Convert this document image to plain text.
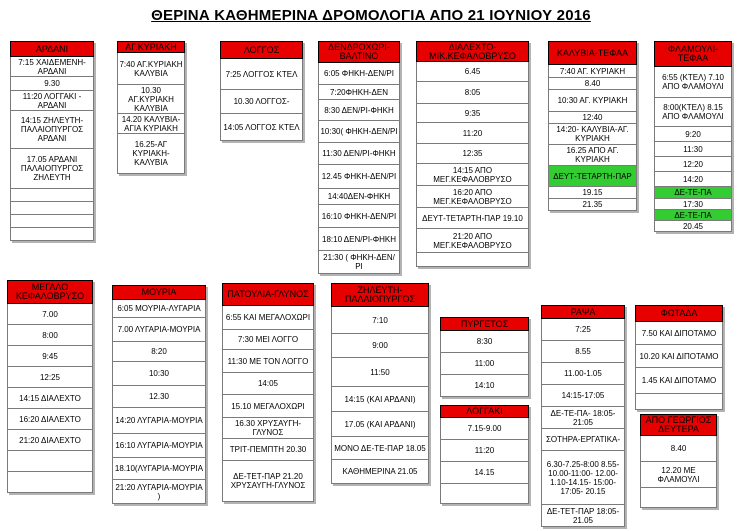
ΘΕΡΙΝΑ ΚΑΘΗΜΕΡΙΝΑ ΔΡΟΜΟΛΟΓΙΑ ΑΠΟ 21 ΙΟΥΝΙΟΥ 2016
ΑΡΔΑΝΙ
7:15 ΧΑΙΔΕΜΕΝΗ-ΑΡΔΑΝΙ
9.30
11:20 ΛΟΓΓΑΚΙ - ΑΡΔΑΝΙ
14:15 ΖΗΛΕΥΤΗ-ΠΑΛΑΙΟΠΥΡΓΟΣ ΑΡΔΑΝΙ
17.05 ΑΡΔΑΝΙ ΠΑΛΑΙΟΠΥΡΓΟΣ ΖΗΛΕΥΤΗ

ΑΓ.ΚΥΡΙΑΚΗ
7:40 ΑΓ.ΚΥΡΙΑΚΗ ΚΑΛΥΒΙΑ
10.30 ΑΓ.ΚΥΡΙΑΚΗ ΚΑΛΥΒΙΑ
14.20 ΚΑΛΥΒΙΑ-ΑΓΙΑ ΚΥΡΙΑΚΗ
16.25-ΑΓ ΚΥΡΙΑΚΗ-ΚΑΛΥΒΙΑ
ΛΟΓΓΟΣ
7:25 ΛΟΓΓΟΣ ΚΤΕΛ
10.30 ΛΟΓΓΟΣ-
14:05 ΛΟΓΓΟΣ ΚΤΕΛ
ΔΕΝΔΡΟΧΩΡΙ-ΒΑΛΤΙΝΟ
6:05 ΦΗΚΗ-ΔΕΝ/ΡΙ
7:20ΦΗΚΗ-ΔΕΝ
8:30 ΔΕΝ/ΡΙ-ΦΗΚΗ
10:30( ΦΗΚΗ-ΔΕΝ/ΡΙ
11:30 ΔΕΝ/ΡΙ-ΦΗΚΗ
12.45 ΦΗΚΗ-ΔΕΝ/ΡΙ
14:40ΔΕΝ-ΦΗΚΗ
16:10 ΦΗΚΗ-ΔΕΝ/ΡΙ
18:10 ΔΕΝ/ΡΙ-ΦΗΚΗ
21:30 ( ΦΗΚΗ-ΔΕΝ/ΡΙ
ΔΙΑΛΕΧΤΟ-ΜΙΚ.ΚΕΦΑΛΟΒΡΥΣΟ
6.45
8:05
9:35
11:20
12:35
14:15 ΑΠΟ ΜΕΓ.ΚΕΦΑΛΟΒΡΥΣΟ
16:20 ΑΠΟ ΜΕΓ.ΚΕΦΑΛΟΒΡΥΣΟ
ΔΕΥΤ-ΤΕΤΑΡΤΗ-ΠΑΡ 19.10
21:20 ΑΠΟ ΜΕΓ.ΚΕΦΑΛΟΒΡΥΣΟ

ΚΑΛΥΒΙΑ-ΤΕΦΑΑ
7:40 ΑΓ. ΚΥΡΙΑΚΗ
8.40
10:30 ΑΓ. ΚΥΡΙΑΚΗ
12:40
14:20- ΚΑΛΥΒΙΑ-ΑΓ. ΚΥΡΙΑΚΗ
16.25 ΑΠΟ ΑΓ. ΚΥΡΙΑΚΗ
ΔΕΥΤ-ΤΕΤΑΡΤΗ-ΠΑΡ
19.15
21.35
ΦΛΑΜΟΥΛΙ-ΤΕΦΑΑ
6:55 (ΚΤΕΛ) 7.10 ΑΠΟ ΦΛΑΜΟΥΛΙ
8:00(ΚΤΕΛ) 8.15 ΑΠΟ ΦΛΑΜΟΥΛΙ
9:20
11:30
12:20
14:20
ΔΕ-ΤΕ-ΠΑ
17:30
ΔΕ-ΤΕ-ΠΑ
20.45
ΜΕΓΑΛΟ ΚΕΦΑΛΟΒΡΥΣΟ
7.00
8:00
9:45
12:25
14:15 ΔΙΑΛΕΧΤΟ
16:20 ΔΙΑΛΕΧΤΟ
21:20 ΔΙΑΛΕΧΤΟ

ΜΟΥΡΙΑ
6:05 ΜΟΥΡΙΑ-ΛΥΓΑΡΙΑ
7.00 ΛΥΓΑΡΙΑ-ΜΟΥΡΙΑ
8:20
10:30
12.30
14:20 ΛΥΓΑΡΙΑ-ΜΟΥΡΙΑ
16:10 ΛΥΓΑΡΙΑ-ΜΟΥΡΙΑ
18.10(ΛΥΓΑΡΙΑ-ΜΟΥΡΙΑ
21:20 ΛΥΓΑΡΙΑ-ΜΟΥΡΙΑ )
ΠΑΤΟΥΛΙΑ-ΓΛΥΝΟΣ
6:55 ΚΑΙ ΜΕΓΑΛΟΧΩΡΙ
7:30 ΜΕΙ ΛΟΓΓΟ
11:30 ΜΕ ΤΟΝ ΛΟΓΓΟ
14:05
15.10 ΜΕΓΑΛΟΧΩΡΙ
16.30 ΧΡΥΣΑΥΓΗ-ΓΛΥΝΟΣ
ΤΡΙΤ-ΠΕΜΠΤΗ 20.30
ΔΕ-ΤΕΤ-ΠΑΡ 21.20 ΧΡΥΣΑΥΓΗ-ΓΛΥΝΟΣ
ΖΗΛΕΥΤΗ-ΠΑΛΑΙΟΠΥΡΓΟΣ
7:10
9:00
11:50
14:15 (ΚΑΙ ΑΡΔΑΝΙ)
17.05 (ΚΑΙ ΑΡΔΑΝΙ)
ΜΟΝΟ ΔΕ-ΤΕ-ΠΑΡ 18.05
ΚΑΘΗΜΕΡΙΝΑ 21.05
ΠΥΡΓΕΤΟΣ
8:30
11:00
14:10
ΛΟΓΓΑΚΙ
7.15-9.00
11:20
14.15

ΡΑΨΑ
7:25
8.55
11.00-1.05
14:15-17:05
ΔΕ-ΤΕ-ΠΑ- 18:05-21:05
ΣΟΤΗΡΑ-ΕΡΓΑΤΙΚΑ-
6.30-7.25-8:00 8.55-10.00-11:00- 12.00-1.10-14.15- 15:00-17:05- 20.15
ΔΕ-ΤΕΤ-ΠΑΡ 18:05-21.05
ΦΩΤΑΔΑ
7.50 ΚΑΙ ΔΙΠΟΤΑΜΟ
10.20 ΚΑΙ ΔΙΠΟΤΑΜΟ
1.45 ΚΑΙ ΔΙΠΟΤΑΜΟ

ΑΠΟ ΓΕΩΡΓΙΟΣ ΔΕΥΤΕΡΑ
8.40
12.20 ΜΕ ΦΛΑΜΟΥΛΙ
